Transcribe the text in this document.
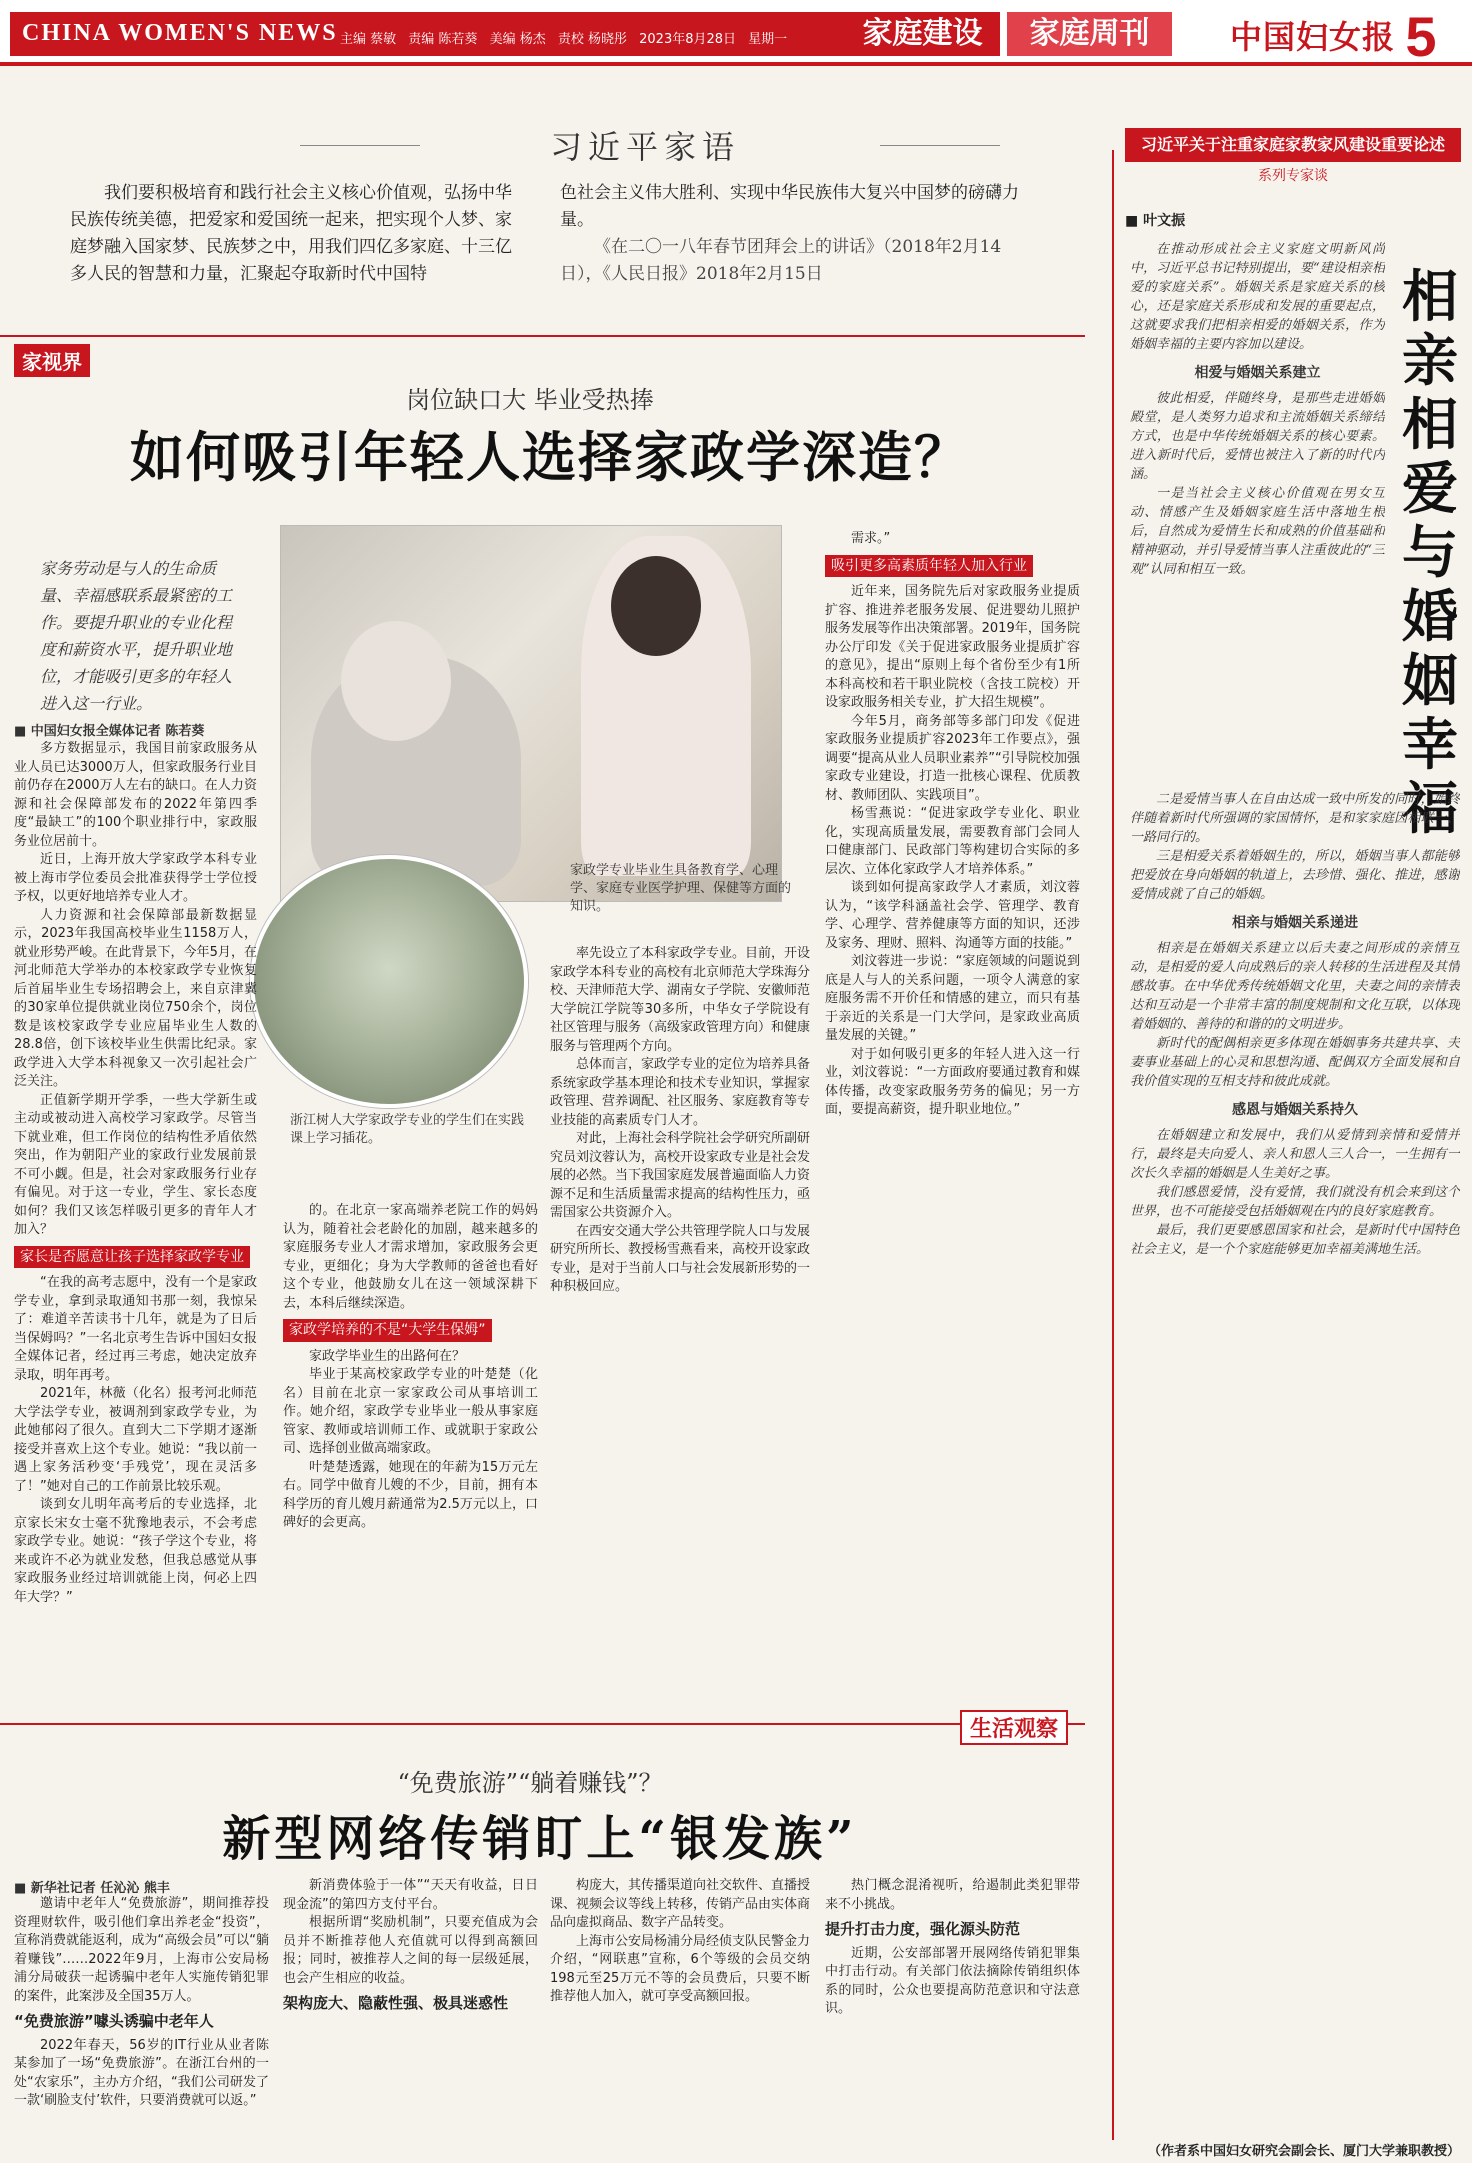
CHINA WOMEN'S NEWS 主编 蔡敏 责编 陈若葵 美编 杨杰 责校 杨晓彤 2023年8月28日 星期一	家庭建设	家庭周刊	中国妇女报 5
习近平家语
我们要积极培育和践行社会主义核心价值观，弘扬中华民族传统美德，把爱家和爱国统一起来，把实现个人梦、家庭梦融入国家梦、民族梦之中，用我们四亿多家庭、十三亿多人民的智慧和力量，汇聚起夺取新时代中国特
色社会主义伟大胜利、实现中华民族伟大复兴中国梦的磅礴力量。
《在二〇一八年春节团拜会上的讲话》（2018年2月14日），《人民日报》2018年2月15日
家视界
岗位缺口大 毕业受热捧
如何吸引年轻人选择家政学深造？
家务劳动是与人的生命质量、幸福感联系最紧密的工作。要提升职业的专业化程度和薪资水平，提升职业地位，才能吸引更多的年轻人进入这一行业。
■ 中国妇女报全媒体记者 陈若葵
家政学专业毕业生具备教育学、心理学、家庭专业医学护理、保健等方面的知识。
浙江树人大学家政学专业的学生们在实践课上学习插花。

多方数据显示，我国目前家政服务从业人员已达3000万人，但家政服务行业目前仍存在2000万人左右的缺口。在人力资源和社会保障部发布的2022年第四季度“最缺工”的100个职业排行中，家政服务业位居前十。

近日，上海开放大学家政学本科专业被上海市学位委员会批准获得学士学位授予权，以更好地培养专业人才。

人力资源和社会保障部最新数据显示，2023年我国高校毕业生1158万人，就业形势严峻。在此背景下，今年5月，在河北师范大学举办的本校家政学专业恢复后首届毕业生专场招聘会上，来自京津冀的30家单位提供就业岗位750余个，岗位数是该校家政学专业应届毕业生人数的28.8倍，创下该校毕业生供需比纪录。家政学进入大学本科视象又一次引起社会广泛关注。

正值新学期开学季，一些大学新生或主动或被动进入高校学习家政学。尽管当下就业难，但工作岗位的结构性矛盾依然突出，作为朝阳产业的家政行业发展前景不可小觑。但是，社会对家政服务行业存有偏见。对于这一专业，学生、家长态度如何？我们又该怎样吸引更多的青年人才加入？

家长是否愿意让孩子选择家政学专业

“在我的高考志愿中，没有一个是家政学专业，拿到录取通知书那一刻，我惊呆了：难道辛苦读书十几年，就是为了日后当保姆吗？”一名北京考生告诉中国妇女报全媒体记者，经过再三考虑，她决定放弃录取，明年再考。

2021年，林薇（化名）报考河北师范大学法学专业，被调剂到家政学专业，为此她郁闷了很久。直到大二下学期才逐渐接受并喜欢上这个专业。她说：“我以前一遇上家务活秒变‘手残党’，现在灵活多了！”她对自己的工作前景比较乐观。

谈到女儿明年高考后的专业选择，北京家长宋女士毫不犹豫地表示，不会考虑家政学专业。她说：“孩子学这个专业，将来或许不必为就业发愁，但我总感觉从事家政服务业经过培训就能上岗，何必上四年大学？”

的。在北京一家高端养老院工作的妈妈认为，随着社会老龄化的加剧，越来越多的家庭服务专业人才需求增加，家政服务会更专业，更细化；身为大学教师的爸爸也看好这个专业，他鼓励女儿在这一领域深耕下去，本科后继续深造。

家政学培养的不是“大学生保姆”

家政学毕业生的出路何在？

毕业于某高校家政学专业的叶楚楚（化名）目前在北京一家家政公司从事培训工作。她介绍，家政学专业毕业一般从事家庭管家、教师或培训师工作、或就职于家政公司、选择创业做高端家政。

叶楚楚透露，她现在的年薪为15万元左右。同学中做育儿嫂的不少，目前，拥有本科学历的育儿嫂月薪通常为2.5万元以上，口碑好的会更高。

率先设立了本科家政学专业。目前，开设家政学本科专业的高校有北京师范大学珠海分校、天津师范大学、湖南女子学院、安徽师范大学皖江学院等30多所，中华女子学院设有社区管理与服务（高级家政管理方向）和健康服务与管理两个方向。

总体而言，家政学专业的定位为培养具备系统家政学基本理论和技术专业知识，掌握家政管理、营养调配、社区服务、家庭教育等专业技能的高素质专门人才。

对此，上海社会科学院社会学研究所副研究员刘汶蓉认为，高校开设家政专业是社会发展的必然。当下我国家庭发展普遍面临人力资源不足和生活质量需求提高的结构性压力，亟需国家公共资源介入。

在西安交通大学公共管理学院人口与发展研究所所长、教授杨雪燕看来，高校开设家政专业，是对于当前人口与社会发展新形势的一种积极回应。

需求。”

吸引更多高素质年轻人加入行业

近年来，国务院先后对家政服务业提质扩容、推进养老服务发展、促进婴幼儿照护服务发展等作出决策部署。2019年，国务院办公厅印发《关于促进家政服务业提质扩容的意见》，提出“原则上每个省份至少有1所本科高校和若干职业院校（含技工院校）开设家政服务相关专业，扩大招生规模”。

今年5月，商务部等多部门印发《促进家政服务业提质扩容2023年工作要点》，强调要“提高从业人员职业素养”“引导院校加强家政专业建设，打造一批核心课程、优质教材、教师团队、实践项目”。

杨雪燕说：“促进家政学专业化、职业化，实现高质量发展，需要教育部门会同人口健康部门、民政部门等构建切合实际的多层次、立体化家政学人才培养体系。”

谈到如何提高家政学人才素质，刘汶蓉认为，“该学科涵盖社会学、管理学、教育学、心理学、营养健康等方面的知识，还涉及家务、理财、照料、沟通等方面的技能。”

刘汶蓉进一步说：“家庭领域的问题说到底是人与人的关系问题，一项令人满意的家庭服务需不开价任和情感的建立，而只有基于亲近的关系是一门大学问，是家政业高质量发展的关键。”

对于如何吸引更多的年轻人进入这一行业，刘汶蓉说：“一方面政府要通过教育和媒体传播，改变家政服务劳务的偏见；另一方面，要提高薪资，提升职业地位。”

生活观察
“免费旅游”“躺着赚钱”？
新型网络传销盯上“银发族”
■ 新华社记者 任沁沁 熊丰

邀请中老年人“免费旅游”，期间推荐投资理财软件，吸引他们拿出养老金“投资”，宣称消费就能返利，成为“高级会员”可以“躺着赚钱”……2022年9月，上海市公安局杨浦分局破获一起诱骗中老年人实施传销犯罪的案件，此案涉及全国35万人。

“免费旅游”噱头诱骗中老年人

2022年春天，56岁的IT行业从业者陈某参加了一场“免费旅游”。在浙江台州的一处“农家乐”，主办方介绍，“我们公司研发了一款‘刷脸支付’软件，只要消费就可以返。”

新消费体验于一体”“天天有收益，日日现金流”的第四方支付平台。

根据所谓“奖励机制”，只要充值成为会员并不断推荐他人充值就可以得到高额回报；同时，被推荐人之间的每一层级延展，也会产生相应的收益。

架构庞大、隐蔽性强、极具迷惑性

构庞大，其传播渠道向社交软件、直播授课、视频会议等线上转移，传销产品由实体商品向虚拟商品、数字产品转变。

上海市公安局杨浦分局经侦支队民警金力介绍，“网联惠”宣称，6个等级的会员交纳198元至25万元不等的会员费后，只要不断推荐他人加入，就可享受高额回报。

热门概念混淆视听，给遏制此类犯罪带来不小挑战。

提升打击力度，强化源头防范

近期，公安部部署开展网络传销犯罪集中打击行动。有关部门依法摘除传销组织体系的同时，公众也要提高防范意识和守法意识。

习近平关于注重家庭家教家风建设重要论述
系列专家谈
■ 叶文振
相亲相爱与婚姻幸福

在推动形成社会主义家庭文明新风尚中，习近平总书记特别提出，要“建设相亲相爱的家庭关系”。婚姻关系是家庭关系的核心，还是家庭关系形成和发展的重要起点，这就要求我们把相亲相爱的婚姻关系，作为婚姻幸福的主要内容加以建设。

相爱与婚姻关系建立

彼此相爱，伴随终身，是那些走进婚姻殿堂，是人类努力追求和主流婚姻关系缔结方式，也是中华传统婚姻关系的核心要素。进入新时代后，爱情也被注入了新的时代内涵。

一是当社会主义核心价值观在男女互动、情感产生及婚姻家庭生活中落地生根后，自然成为爱情生长和成熟的价值基础和精神驱动，并引导爱情当事人注重彼此的“三观”认同和相互一致。

二是爱情当事人在自由达成一致中所发的同时，始终伴随着新时代所强调的家国情怀，是和家家庭因相联一、一路同行的。

三是相爱关系着婚姻生的，所以，婚姻当事人都能够把爱放在身向婚姻的轨道上，去珍惜、强化、推进，感谢爱情成就了自己的婚姻。

相亲与婚姻关系递进

相亲是在婚姻关系建立以后夫妻之间形成的亲情互动，是相爱的爱人向成熟后的亲人转移的生活进程及其情感故事。在中华优秀传统婚姻文化里，夫妻之间的亲情表达和互动是一个非常丰富的制度规制和文化互联，以体现着婚姻的、善待的和谐的的文明进步。

新时代的配偶相亲更多体现在婚姻事务共建共享、夫妻事业基础上的心灵和思想沟通、配偶双方全面发展和自我价值实现的互相支持和彼此成就。

感恩与婚姻关系持久

在婚姻建立和发展中，我们从爱情到亲情和爱情并行，最终是夫向爱人、亲人和恩人三人合一，一生拥有一次长久幸福的婚姻是人生美好之事。

我们感恩爱情，没有爱情，我们就没有机会来到这个世界，也不可能接受包括婚姻观在内的良好家庭教育。

最后，我们更要感恩国家和社会，是新时代中国特色社会主义，是一个个家庭能够更加幸福美满地生活。

（作者系中国妇女研究会副会长、厦门大学兼职教授）
